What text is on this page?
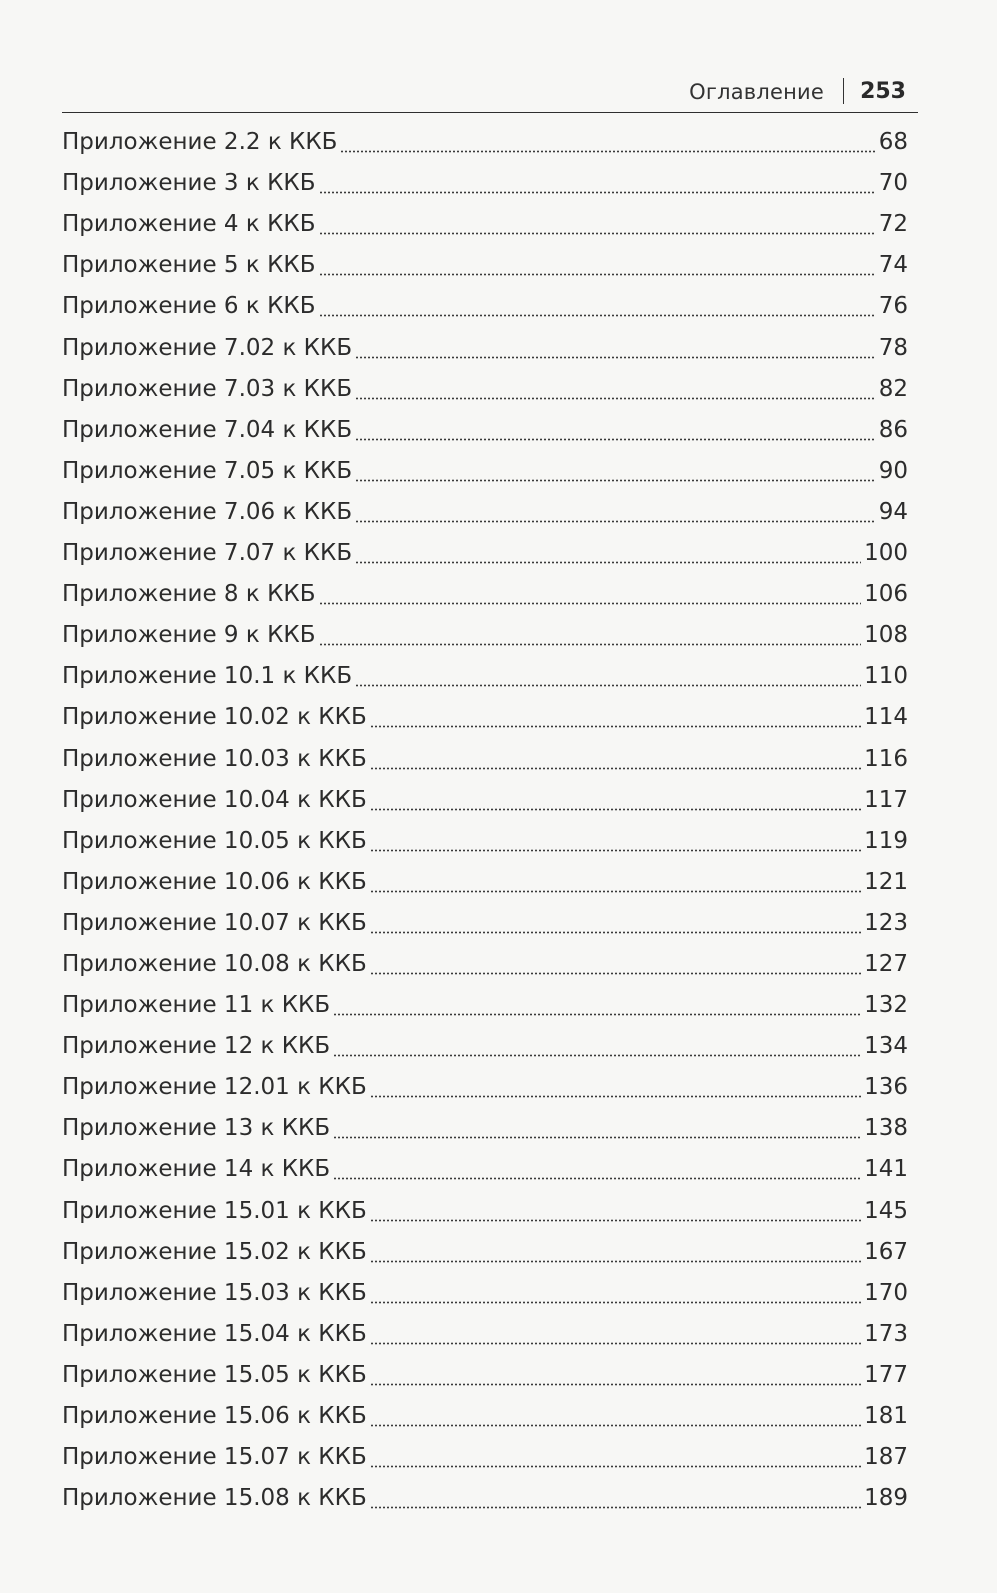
Оглавление 253
Приложение 2.2 к ККБ	68
Приложение 3 к ККБ	70
Приложение 4 к ККБ	72
Приложение 5 к ККБ	74
Приложение 6 к ККБ	76
Приложение 7.02 к ККБ	78
Приложение 7.03 к ККБ	82
Приложение 7.04 к ККБ	86
Приложение 7.05 к ККБ	90
Приложение 7.06 к ККБ	94
Приложение 7.07 к ККБ	100
Приложение 8 к ККБ	106
Приложение 9 к ККБ	108
Приложение 10.1 к ККБ	110
Приложение 10.02 к ККБ	114
Приложение 10.03 к ККБ	116
Приложение 10.04 к ККБ	117
Приложение 10.05 к ККБ	119
Приложение 10.06 к ККБ	121
Приложение 10.07 к ККБ	123
Приложение 10.08 к ККБ	127
Приложение 11 к ККБ	132
Приложение 12 к ККБ	134
Приложение 12.01 к ККБ	136
Приложение 13 к ККБ	138
Приложение 14 к ККБ	141
Приложение 15.01 к ККБ	145
Приложение 15.02 к ККБ	167
Приложение 15.03 к ККБ	170
Приложение 15.04 к ККБ	173
Приложение 15.05 к ККБ	177
Приложение 15.06 к ККБ	181
Приложение 15.07 к ККБ	187
Приложение 15.08 к ККБ	189
